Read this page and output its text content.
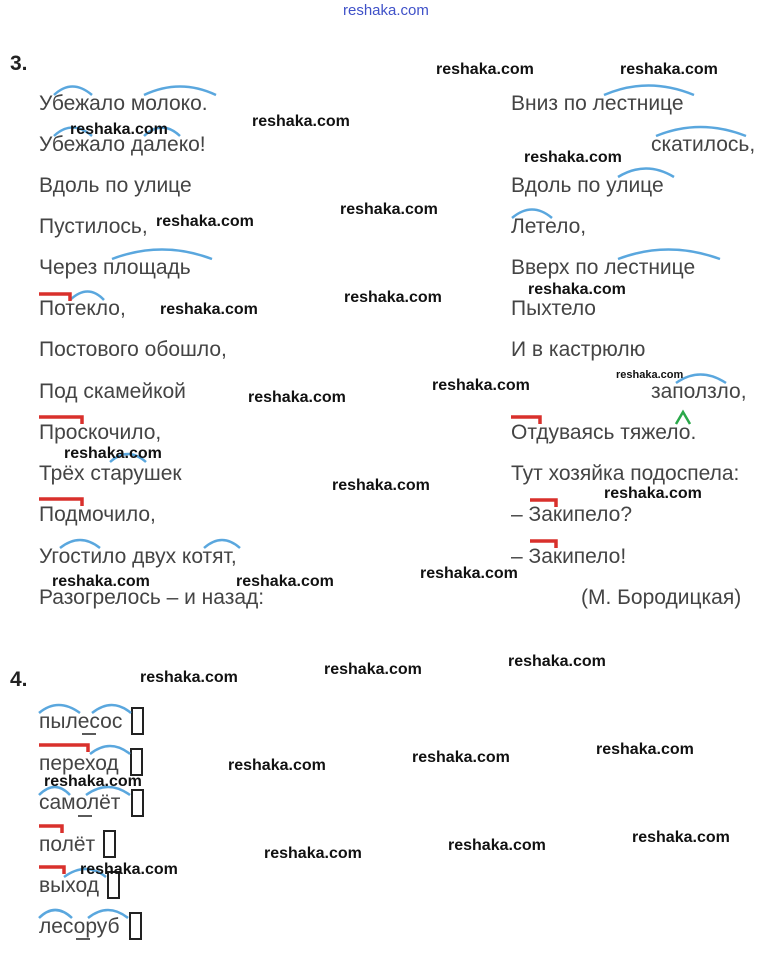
reshaka.com
3.
Убежало молоко.
Убежало далеко!
Вдоль по улице
Пустилось,
Через площадь
Потекло,
Постового обошло,
Под скамейкой
Проскочило,
Трёх старушек
Подмочило,
Угостило двух котят,
Разогрелось – и назад:
Вниз по лестнице
скатилось,
Вдоль по улице
Летело,
Вверх по лестнице
Пыхтело
И в кастрюлю
заползло,
Отдуваясь тяжело.
Тут хозяйка подоспела:
– Закипело?
– Закипело!
(М. Бородицкая)
4.
пылесос
переход
самолёт
полёт
выход
лесоруб
reshaka.com	reshaka.com
reshaka.com	reshaka.com
reshaka.com
reshaka.com
reshaka.com
reshaka.com
reshaka.com
reshaka.com
reshaka.com
reshaka.com
reshaka.com
reshaka.com
reshaka.com	reshaka.com
reshaka.com
reshaka.com	reshaka.com
reshaka.com
reshaka.com
reshaka.com
reshaka.com
reshaka.com
reshaka.com
reshaka.com
reshaka.com
reshaka.com
reshaka.com
reshaka.com
